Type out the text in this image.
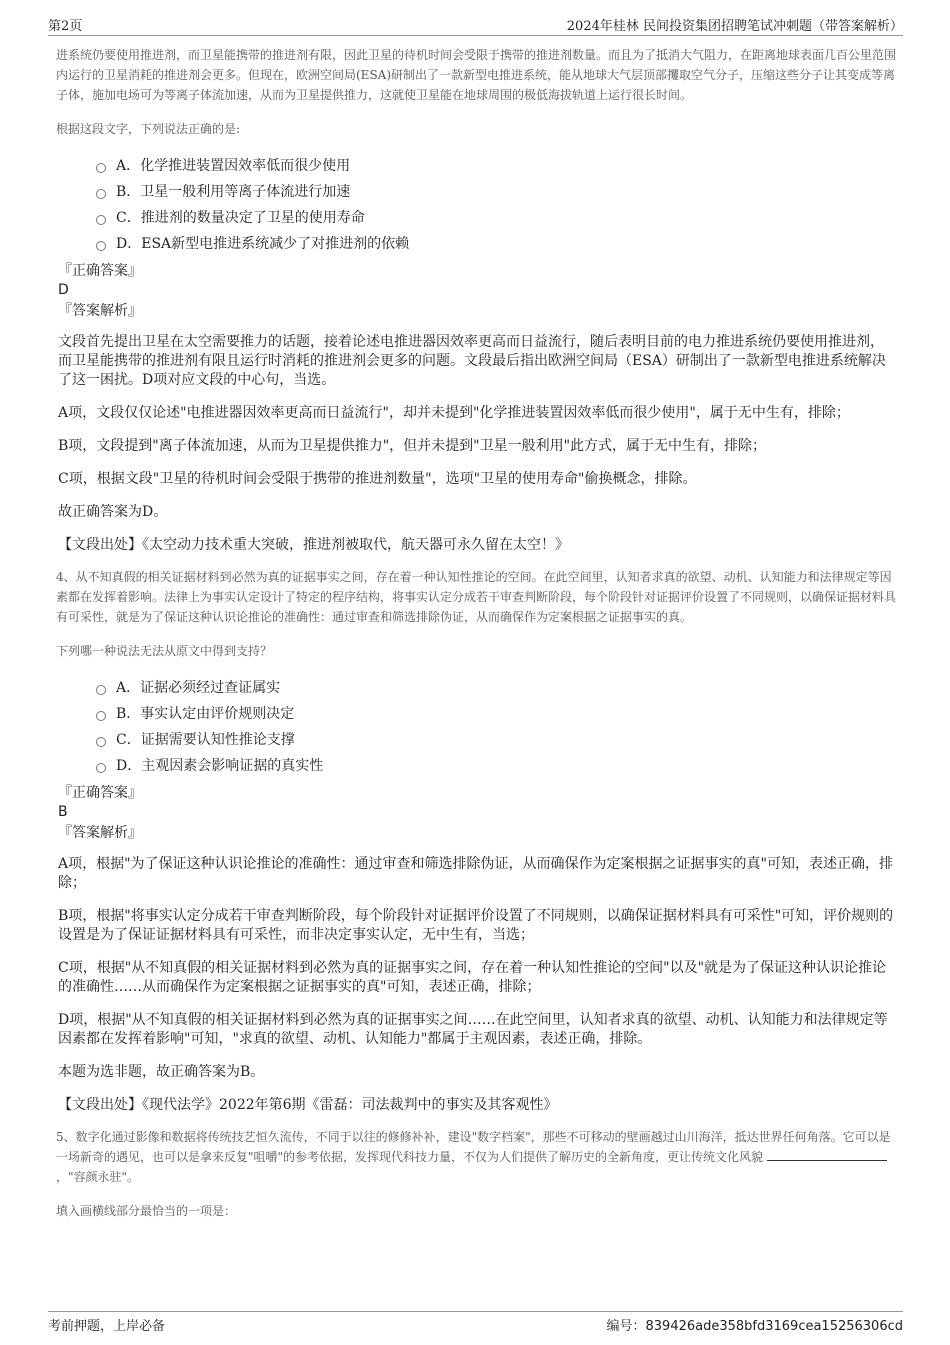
第2页	2024年桂林 民间投资集团招聘笔试冲刺题（带答案解析）

进系统仍要使用推进剂，而卫星能携带的推进剂有限，因此卫星的待机时间会受限于携带的推进剂数量。而且为了抵消大气阻力，在距离地球表面几百公里范围内运行的卫星消耗的推进剂会更多。但现在，欧洲空间局(ESA)研制出了一款新型电推进系统，能从地球大气层顶部攫取空气分子，压缩这些分子让其变成等离子体，施加电场可为等离子体流加速，从而为卫星提供推力，这就使卫星能在地球周围的极低海拔轨道上运行很长时间。

根据这段文字，下列说法正确的是:

A．化学推进装置因效率低而很少使用
B．卫星一般利用等离子体流进行加速
C．推进剂的数量决定了卫星的使用寿命
D．ESA新型电推进系统减少了对推进剂的依赖
『正确答案』
D
『答案解析』

文段首先提出卫星在太空需要推力的话题，接着论述电推进器因效率更高而日益流行，随后表明目前的电力推进系统仍要使用推进剂，而卫星能携带的推进剂有限且运行时消耗的推进剂会更多的问题。文段最后指出欧洲空间局（ESA）研制出了一款新型电推进系统解决了这一困扰。D项对应文段的中心句，当选。

A项，文段仅仅论述"电推进器因效率更高而日益流行"，却并未提到"化学推进装置因效率低而很少使用"，属于无中生有，排除；

B项，文段提到"离子体流加速，从而为卫星提供推力"，但并未提到"卫星一般利用"此方式，属于无中生有，排除；

C项，根据文段"卫星的待机时间会受限于携带的推进剂数量"，选项"卫星的使用寿命"偷换概念，排除。

故正确答案为D。

【文段出处】《太空动力技术重大突破，推进剂被取代，航天器可永久留在太空！》

4、从不知真假的相关证据材料到必然为真的证据事实之间，存在着一种认知性推论的空间。在此空间里，认知者求真的欲望、动机、认知能力和法律规定等因素都在发挥着影响。法律上为事实认定设计了特定的程序结构，将事实认定分成若干审查判断阶段，每个阶段针对证据评价设置了不同规则，以确保证据材料具有可采性，就是为了保证这种认识论推论的准确性：通过审查和筛选排除伪证，从而确保作为定案根据之证据事实的真。

下列哪一种说法无法从原文中得到支持？

A．证据必须经过查证属实
B．事实认定由评价规则决定
C．证据需要认知性推论支撑
D．主观因素会影响证据的真实性
『正确答案』
B
『答案解析』

A项，根据"为了保证这种认识论推论的准确性：通过审查和筛选排除伪证，从而确保作为定案根据之证据事实的真"可知，表述正确，排除；

B项，根据"将事实认定分成若干审查判断阶段，每个阶段针对证据评价设置了不同规则，以确保证据材料具有可采性"可知，评价规则的设置是为了保证证据材料具有可采性，而非决定事实认定，无中生有，当选；

C项，根据"从不知真假的相关证据材料到必然为真的证据事实之间，存在着一种认知性推论的空间"以及"就是为了保证这种认识论推论的准确性……从而确保作为定案根据之证据事实的真"可知，表述正确，排除；

D项，根据"从不知真假的相关证据材料到必然为真的证据事实之间……在此空间里，认知者求真的欲望、动机、认知能力和法律规定等因素都在发挥着影响"可知，"求真的欲望、动机、认知能力"都属于主观因素，表述正确，排除。

本题为选非题，故正确答案为B。

【文段出处】《现代法学》2022年第6期《雷磊：司法裁判中的事实及其客观性》

5、数字化通过影像和数据将传统技艺恒久流传，不同于以往的修修补补，建设"数字档案"，那些不可移动的壁画越过山川海洋，抵达世界任何角落。它可以是一场新奇的遇见，也可以是拿来反复"咀嚼"的参考依据，发挥现代科技力量，不仅为人们提供了解历史的全新角度，更让传统文化风貌，"容颜永驻"。

填入画横线部分最恰当的一项是：

考前押题，上岸必备	编号：839426ade358bfd3169cea15256306cd
